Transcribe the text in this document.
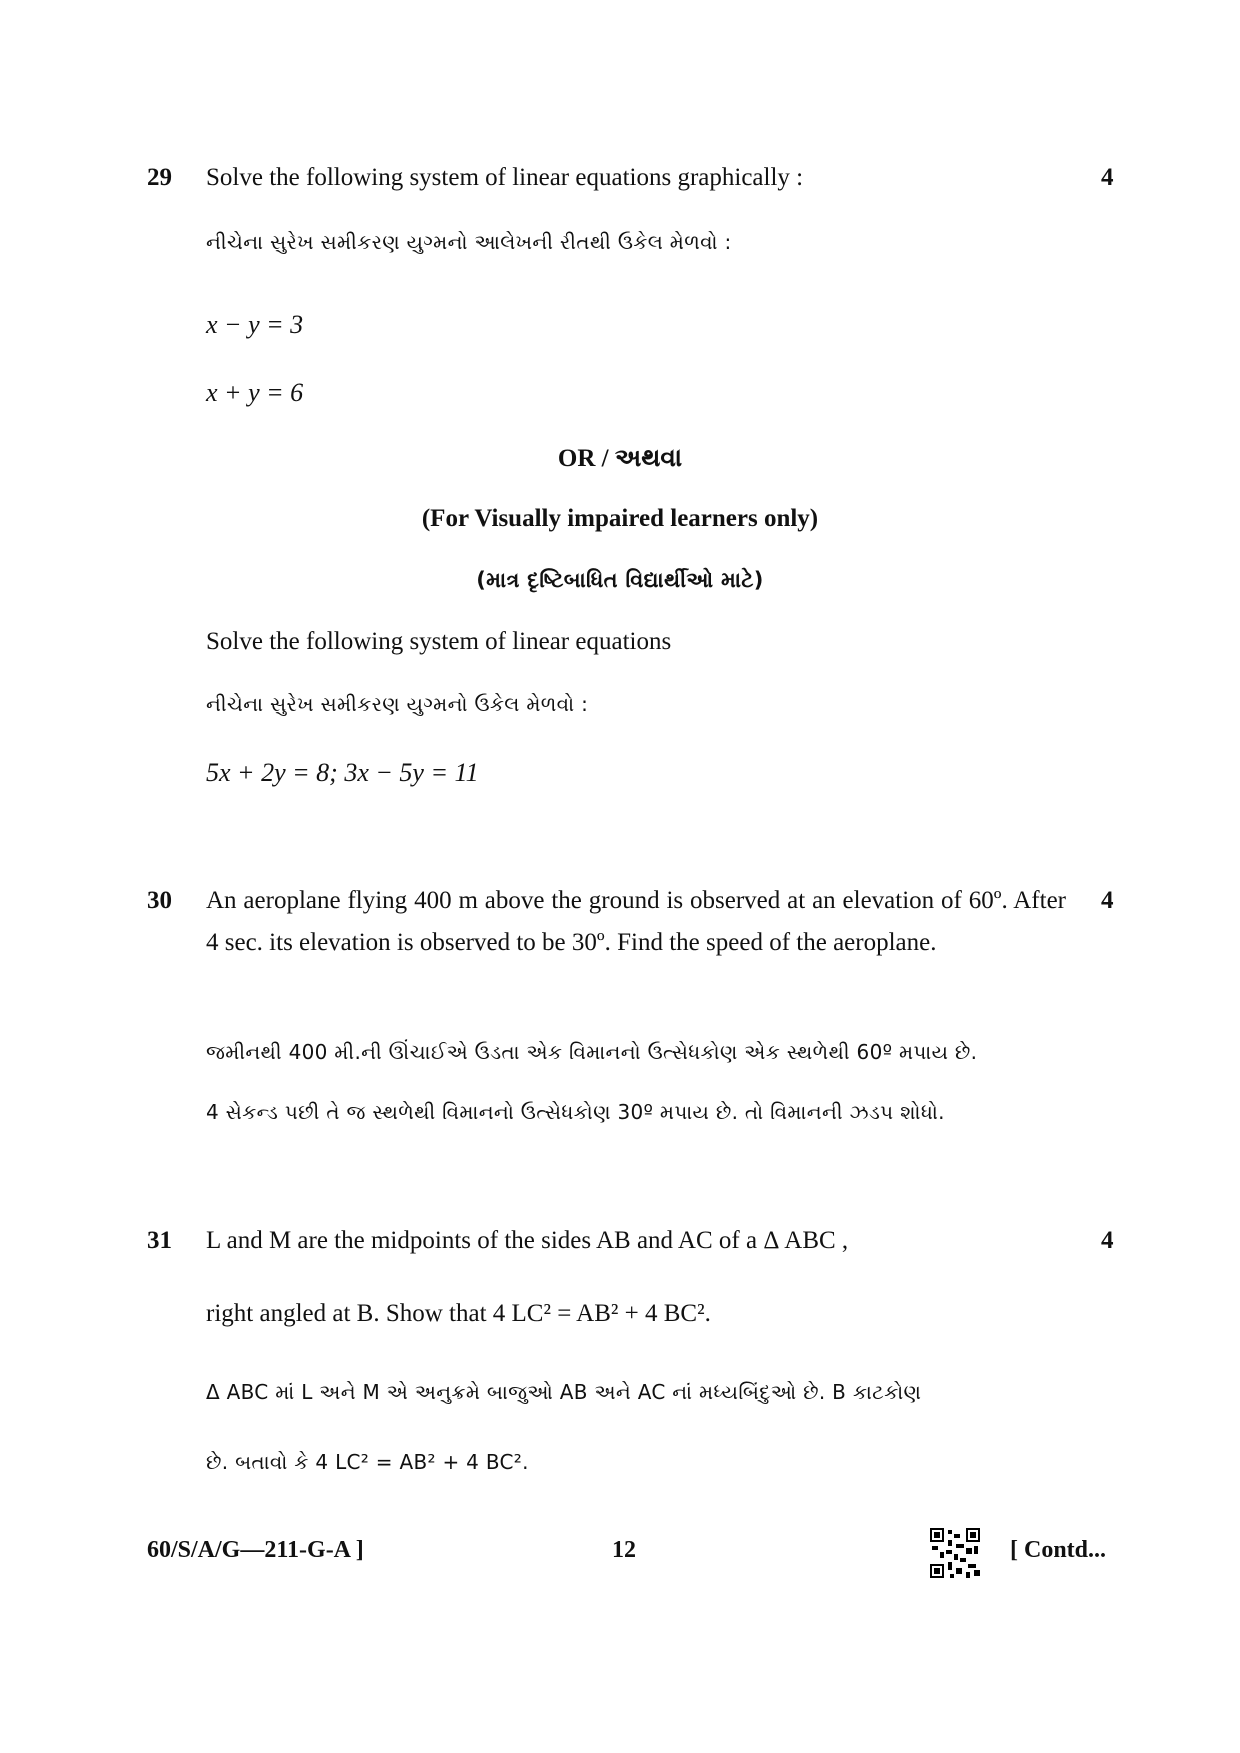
29	4
Solve the following system of linear equations graphically :
નીચેના સુરેખ સમીકરણ યુગ્મનો આલેખની રીતથી ઉકેલ મેળવો :
x − y = 3
x + y = 6
OR / અથવા
(For Visually impaired learners only)
(માત્ર દૃષ્ટિબાધિત વિદ્યાર્થીઓ માટે)
Solve the following system of linear equations
નીચેના સુરેખ સમીકરણ યુગ્મનો ઉકેલ મેળવો :
5x + 2y = 8; 3x − 5y = 11
30	4
An aeroplane flying 400 m above the ground is observed at an elevation of 60º. After 4 sec. its elevation is observed to be 30º. Find the speed of the aeroplane.
જમીનથી 400 મી.ની ઊંચાઈએ ઉડતા એક વિમાનનો ઉત્સેધકોણ એક સ્થળેથી 60º મપાય છે.
4 સેકન્ડ પછી તે જ સ્થળેથી વિમાનનો ઉત્સેધકોણ 30º મપાય છે. તો વિમાનની ઝડપ શોધો.
31	4
L and M are the midpoints of the sides AB and AC of a Δ ABC ,
right angled at B. Show that 4 LC² = AB² + 4 BC².
Δ ABC માં L અને M એ અનુક્રમે બાજુઓ AB અને AC નાં મધ્યબિંદુઓ છે. B કાટકોણ
છે. બતાવો કે 4 LC² = AB² + 4 BC².
60/S/A/G—211-G-A ]	12	[ Contd...
